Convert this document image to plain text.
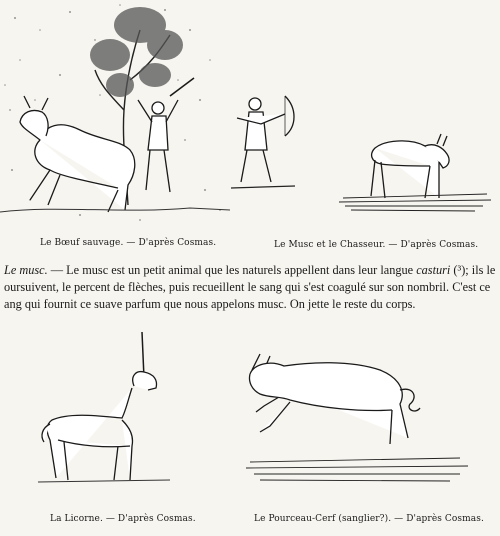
Le Bœuf sauvage. — D'après Cosmas.	Le Musc et le Chasseur. — D'après Cosmas.

Le musc. — Le musc est un petit animal que les naturels appellent dans leur langue casturi (³); ils le

oursuivent, le percent de flèches, puis recueillent le sang qui s'est coagulé sur son nombril. C'est ce

ang qui fournit ce suave parfum que nous appelons musc. On jette le reste du corps.

La Licorne. — D'après Cosmas.	Le Pourceau-Cerf (sanglier?). — D'après Cosmas.
